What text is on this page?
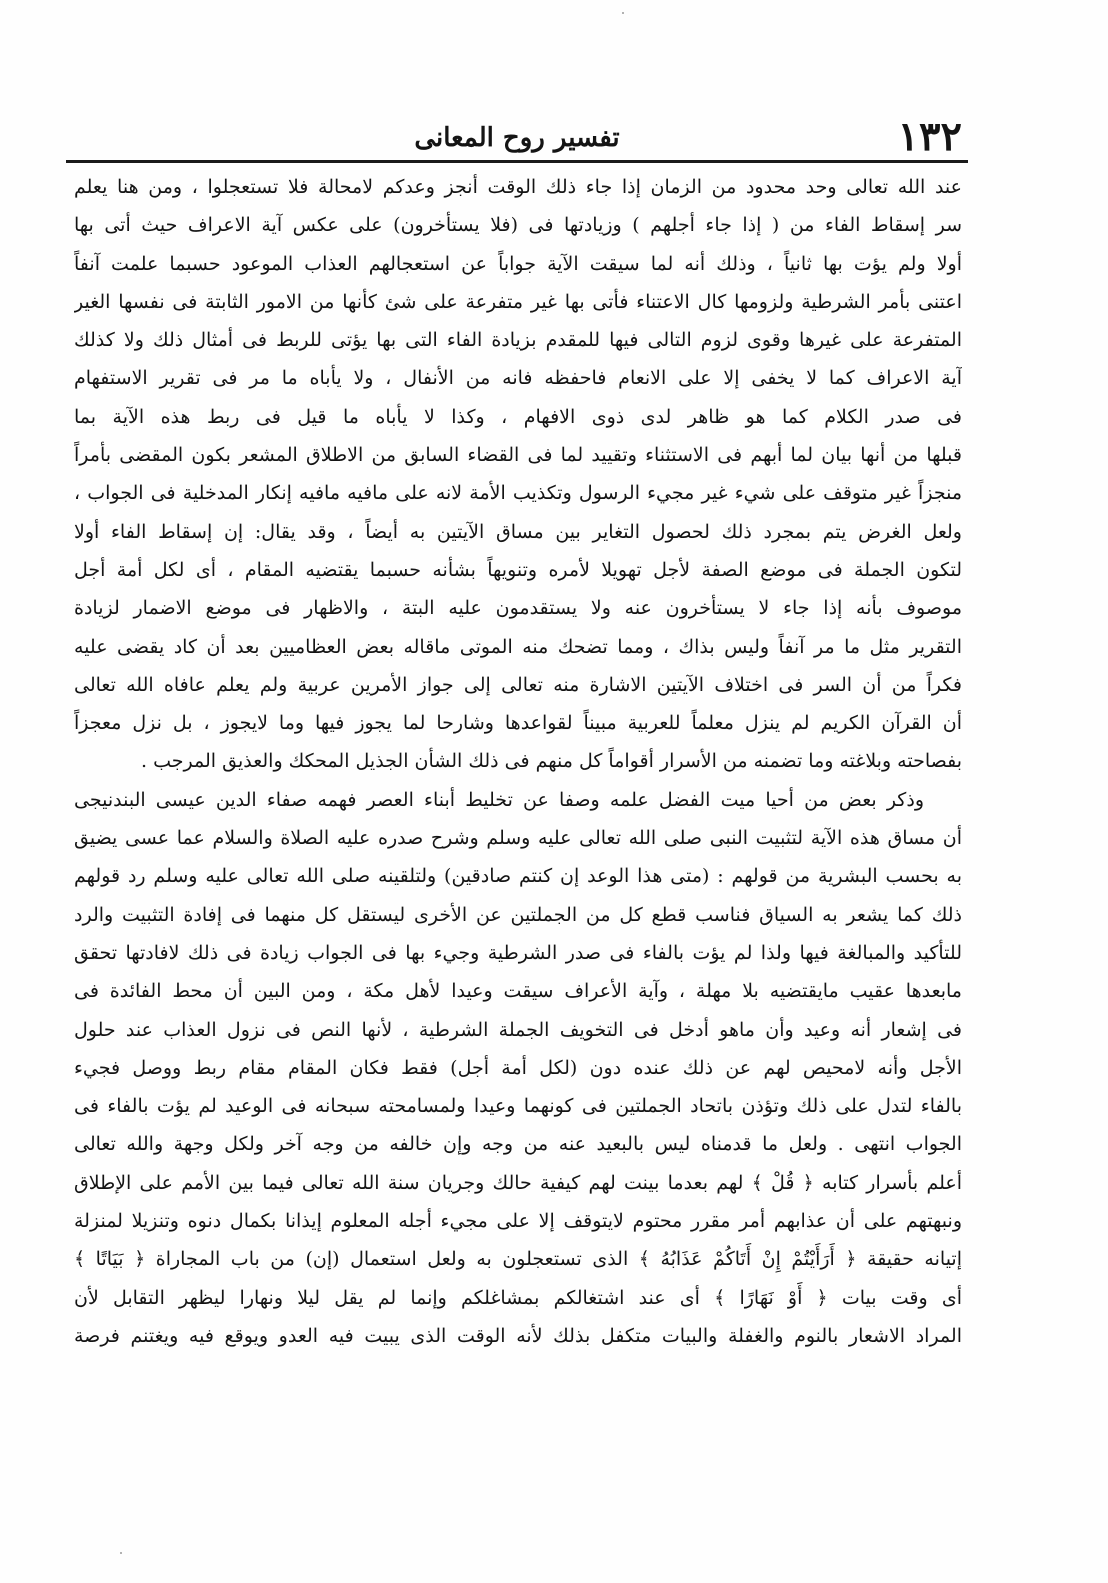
١٣٢
تفسير روح المعانى
عند الله تعالى وحد محدود من الزمان إذا جاء ذلك الوقت أنجز وعدكم لامحالة فلا تستعجلوا ، ومن هنا يعلم
سر إسقاط الفاء من ( إذا جاء أجلهم ) وزيادتها فى (فلا يستأخرون) على عكس آية الاعراف حيث أتى بها
أولا ولم يؤت بها ثانياً ، وذلك أنه لما سيقت الآية جواباً عن استعجالهم العذاب الموعود حسبما علمت آنفاً
اعتنى بأمر الشرطية ولزومها كال الاعتناء فأتى بها غير متفرعة على شئ كأنها من الامور الثابتة فى نفسها الغير
المتفرعة على غيرها وقوى لزوم التالى فيها للمقدم بزيادة الفاء التى بها يؤتى للربط فى أمثال ذلك ولا كذلك
آية الاعراف كما لا يخفى إلا على الانعام فاحفظه فانه من الأنفال ، ولا يأباه ما مر فى تقرير الاستفهام
فى صدر الكلام كما هو ظاهر لدى ذوى الافهام ، وكذا لا يأباه ما قيل فى ربط هذه الآية بما
قبلها من أنها بيان لما أبهم فى الاستثناء وتقييد لما فى القضاء السابق من الاطلاق المشعر بكون المقضى بأمراً
منجزاً غير متوقف على شيء غير مجيء الرسول وتكذيب الأمة لانه على مافيه مافيه إنكار المدخلية فى الجواب ،
ولعل الغرض يتم بمجرد ذلك لحصول التغاير بين مساق الآيتين به أيضاً ، وقد يقال: إن إسقاط الفاء أولا
لتكون الجملة فى موضع الصفة لأجل تهويلا لأمره وتنويهاً بشأنه حسبما يقتضيه المقام ، أى لكل أمة أجل
موصوف بأنه إذا جاء لا يستأخرون عنه ولا يستقدمون عليه البتة ، والاظهار فى موضع الاضمار لزيادة
التقرير مثل ما مر آنفاً وليس بذاك ، ومما تضحك منه الموتى ماقاله بعض العظاميين بعد أن كاد يقضى عليه
فكراً من أن السر فى اختلاف الآيتين الاشارة منه تعالى إلى جواز الأمرين عربية ولم يعلم عافاه الله تعالى
أن القرآن الكريم لم ينزل معلماً للعربية مبيناً لقواعدها وشارحا لما يجوز فيها وما لايجوز ، بل نزل معجزاً
بفصاحته وبلاغته وما تضمنه من الأسرار أقواماً كل منهم فى ذلك الشأن الجذيل المحكك والعذيق المرجب .
وذكر بعض من أحيا ميت الفضل علمه وصفا عن تخليط أبناء العصر فهمه صفاء الدين عيسى البندنيجى
أن مساق هذه الآية لتثبيت النبى صلى الله تعالى عليه وسلم وشرح صدره عليه الصلاة والسلام عما عسى يضيق
به بحسب البشرية من قولهم : (متى هذا الوعد إن كنتم صادقين) ولتلقينه صلى الله تعالى عليه وسلم رد قولهم
ذلك كما يشعر به السياق فناسب قطع كل من الجملتين عن الأخرى ليستقل كل منهما فى إفادة التثبيت والرد
للتأكيد والمبالغة فيها ولذا لم يؤت بالفاء فى صدر الشرطية وجيء بها فى الجواب زيادة فى ذلك لافادتها تحقق
مابعدها عقيب مايقتضيه بلا مهلة ، وآية الأعراف سيقت وعيدا لأهل مكة ، ومن البين أن محط الفائدة فى
فى إشعار أنه وعيد وأن ماهو أدخل فى التخويف الجملة الشرطية ، لأنها النص فى نزول العذاب عند حلول
الأجل وأنه لامحيص لهم عن ذلك عنده دون (لكل أمة أجل) فقط فكان المقام مقام ربط ووصل فجيء
بالفاء لتدل على ذلك وتؤذن باتحاد الجملتين فى كونهما وعيدا ولمسامحته سبحانه فى الوعيد لم يؤت بالفاء فى
الجواب انتهى . ولعل ما قدمناه ليس بالبعيد عنه من وجه وإن خالفه من وجه آخر ولكل وجهة والله تعالى
أعلم بأسرار كتابه ﴿ قُلْ ﴾ لهم بعدما بينت لهم كيفية حالك وجريان سنة الله تعالى فيما بين الأمم على الإطلاق
ونبهتهم على أن عذابهم أمر مقرر محتوم لايتوقف إلا على مجيء أجله المعلوم إيذانا بكمال دنوه وتنزيلا لمنزلة
إتيانه حقيقة ﴿ أَرَأَيْتُمْ إِنْ أَتَاكُمْ عَذَابُهُ ﴾ الذى تستعجلون به ولعل استعمال (إن) من باب المجاراة ﴿ بَيَاتًا ﴾
أى وقت بيات ﴿ أَوْ نَهَارًا ﴾ أى عند اشتغالكم بمشاغلكم وإنما لم يقل ليلا ونهارا ليظهر التقابل لأن
المراد الاشعار بالنوم والغفلة والبيات متكفل بذلك لأنه الوقت الذى يبيت فيه العدو ويوقع فيه ويغتنم فرصة
